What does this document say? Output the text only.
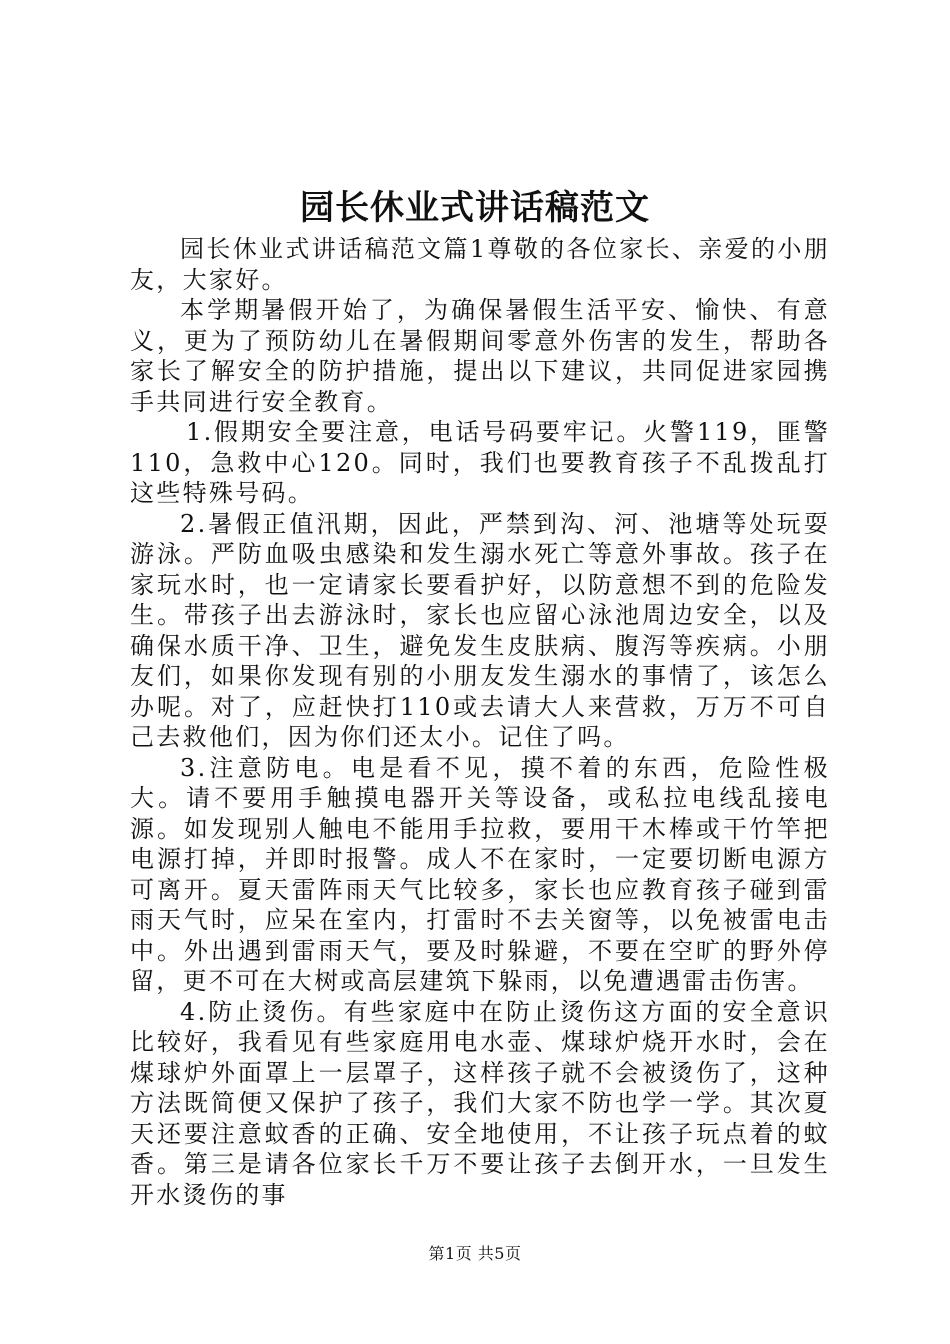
园长休业式讲话稿范文

园长休业式讲话稿范文篇1尊敬的各位家长、亲爱的小朋友，大家好。

本学期暑假开始了，为确保暑假生活平安、愉快、有意义，更为了预防幼儿在暑假期间零意外伤害的发生，帮助各家长了解安全的防护措施，提出以下建议，共同促进家园携手共同进行安全教育。

1.假期安全要注意，电话号码要牢记。火警119，匪警110，急救中心120。同时，我们也要教育孩子不乱拨乱打这些特殊号码。

2.暑假正值汛期，因此，严禁到沟、河、池塘等处玩耍游泳。严防血吸虫感染和发生溺水死亡等意外事故。孩子在家玩水时，也一定请家长要看护好，以防意想不到的危险发生。带孩子出去游泳时，家长也应留心泳池周边安全，以及确保水质干净、卫生，避免发生皮肤病、腹泻等疾病。小朋友们，如果你发现有别的小朋友发生溺水的事情了，该怎么办呢。对了，应赶快打110或去请大人来营救，万万不可自己去救他们，因为你们还太小。记住了吗。

3.注意防电。电是看不见，摸不着的东西，危险性极大。请不要用手触摸电器开关等设备，或私拉电线乱接电源。如发现别人触电不能用手拉救，要用干木棒或干竹竿把电源打掉，并即时报警。成人不在家时，一定要切断电源方可离开。夏天雷阵雨天气比较多，家长也应教育孩子碰到雷雨天气时，应呆在室内，打雷时不去关窗等，以免被雷电击中。外出遇到雷雨天气，要及时躲避，不要在空旷的野外停留，更不可在大树或高层建筑下躲雨，以免遭遇雷击伤害。

4.防止烫伤。有些家庭中在防止烫伤这方面的安全意识比较好，我看见有些家庭用电水壶、煤球炉烧开水时，会在煤球炉外面罩上一层罩子，这样孩子就不会被烫伤了，这种方法既简便又保护了孩子，我们大家不防也学一学。其次夏天还要注意蚊香的正确、安全地使用，不让孩子玩点着的蚊香。第三是请各位家长千万不要让孩子去倒开水，一旦发生开水烫伤的事

第1页 共5页
